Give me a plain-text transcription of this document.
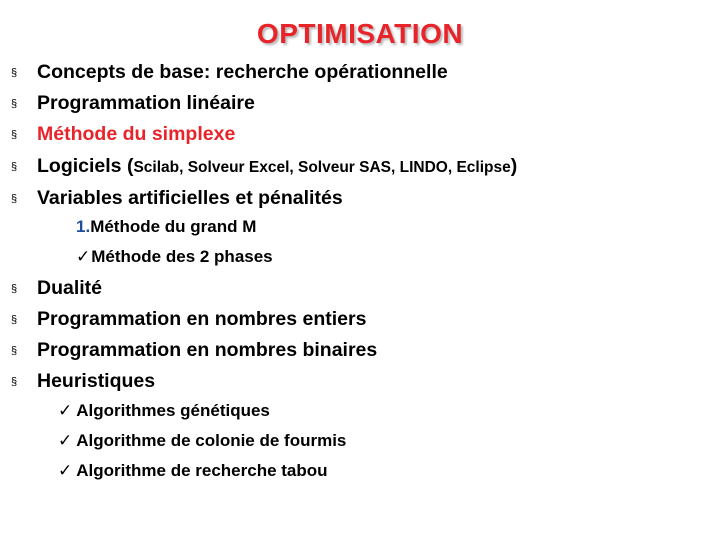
OPTIMISATION
§ Concepts de base: recherche opérationnelle
§ Programmation linéaire
§ Méthode du simplexe
§ Logiciels (Scilab, Solveur Excel, Solveur SAS, LINDO, Eclipse)
§ Variables artificielles et pénalités
1.Méthode du grand M
✓Méthode des 2 phases
§ Dualité
§ Programmation en nombres entiers
§ Programmation en nombres binaires
§ Heuristiques
✓ Algorithmes génétiques
✓ Algorithme de colonie de fourmis
✓ Algorithme de recherche tabou
